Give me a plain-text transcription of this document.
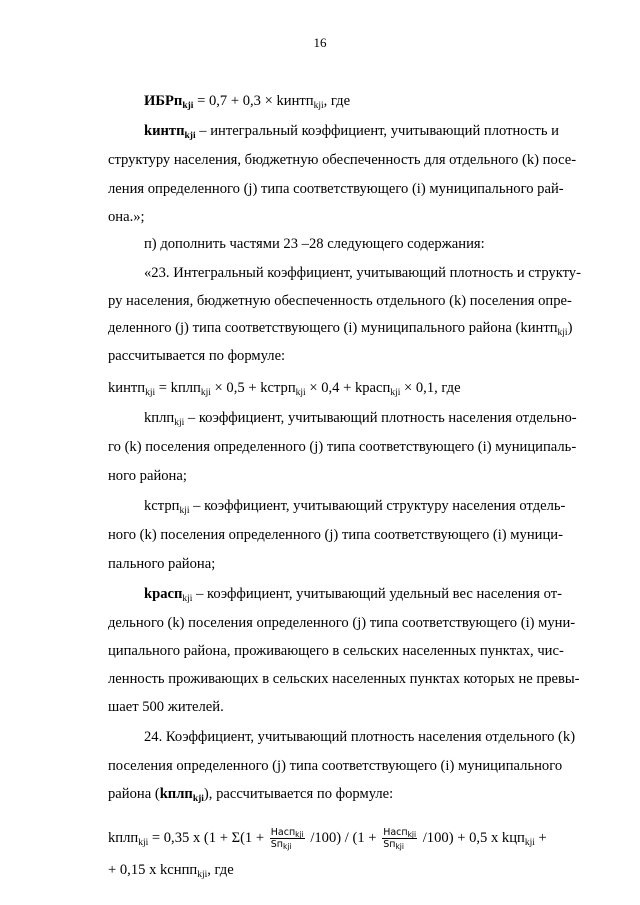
16
ИБРп$_{kji}$ = 0,7 + 0,3 × kинтп$_{kji}$, где
kинтп$_{kji}$ – интегральный коэффициент, учитывающий плотность и
структуру населения, бюджетную обеспеченность для отдельного (k) посе-
ления определенного (j) типа соответствующего (i) муниципального рай-
она.»;
п) дополнить частями 23 –28 следующего содержания:
«23. Интегральный коэффициент, учитывающий плотность и структу-
ру населения, бюджетную обеспеченность отдельного (k) поселения опре-
деленного (j) типа соответствующего (i) муниципального района (kинтп$_{kji}$)
рассчитывается по формуле:
kинтп$_{kji}$ = kплп$_{kji}$ × 0,5 + kстрп$_{kji}$ × 0,4 + kрасп$_{kji}$ × 0,1, где
kплп$_{kji}$ – коэффициент, учитывающий плотность населения отдельно-
го (k) поселения определенного (j) типа соответствующего (i) муниципаль-
ного района;
kстрп$_{kji}$ – коэффициент, учитывающий структуру населения отдель-
ного (k) поселения определенного (j) типа соответствующего (i) муници-
пального района;
kрасп$_{kji}$ – коэффициент, учитывающий удельный вес населения от-
дельного (k) поселения определенного (j) типа соответствующего (i) муни-
ципального района, проживающего в сельских населенных пунктах, чис-
ленность проживающих в сельских населенных пунктах которых не превы-
шает 500 жителей.
24. Коэффициент, учитывающий плотность населения отдельного (k)
поселения определенного (j) типа соответствующего (i) муниципального
района (kплп$_{kji}$), рассчитывается по формуле:
kплп$_{kji}$ = 0,35 х ($1 + \Sigma(1 + \frac{Насп_{kji}}{Sп_{kji}} /100) / (1 + \frac{Насп_{kji}}{Sп_{kji}} /100) + 0,5$ х kцп$_{kji}$ +
+ 0,15 х kснпп$_{kji}$, где
